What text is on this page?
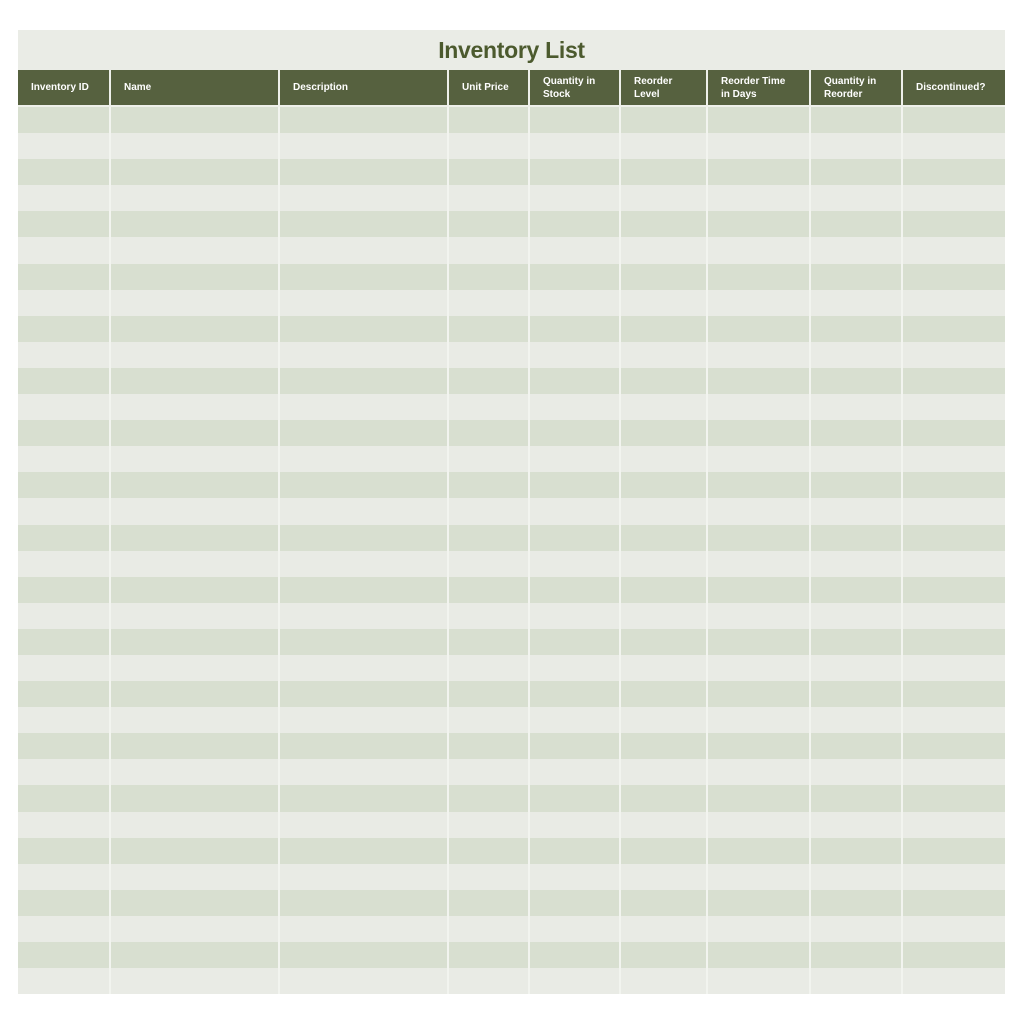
Inventory List
Inventory ID	Name	Description	Unit Price	Quantity in Stock	Reorder Level	Reorder Time in Days	Quantity in Reorder	Discontinued?
